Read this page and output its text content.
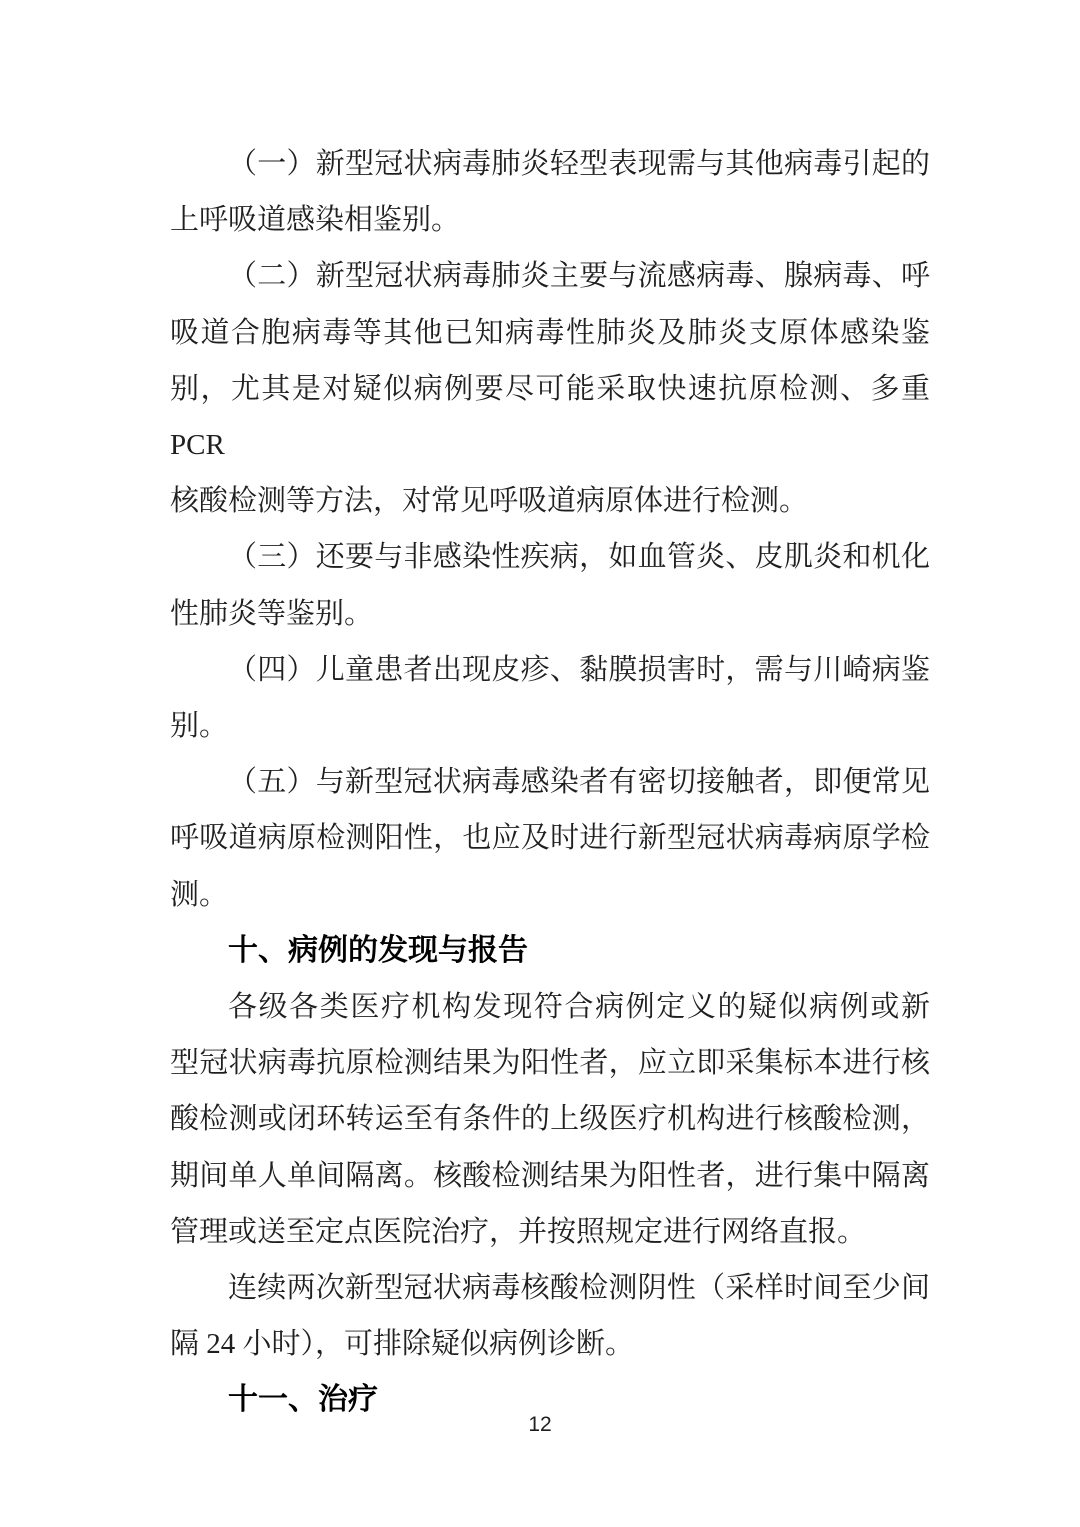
（一）新型冠状病毒肺炎轻型表现需与其他病毒引起的
上呼吸道感染相鉴别。
（二）新型冠状病毒肺炎主要与流感病毒、腺病毒、呼
吸道合胞病毒等其他已知病毒性肺炎及肺炎支原体感染鉴
别，尤其是对疑似病例要尽可能采取快速抗原检测、多重 PCR
核酸检测等方法，对常见呼吸道病原体进行检测。
（三）还要与非感染性疾病，如血管炎、皮肌炎和机化
性肺炎等鉴别。
（四）儿童患者出现皮疹、黏膜损害时，需与川崎病鉴
别。
（五）与新型冠状病毒感染者有密切接触者，即便常见
呼吸道病原检测阳性，也应及时进行新型冠状病毒病原学检
测。
十、病例的发现与报告
各级各类医疗机构发现符合病例定义的疑似病例或新
型冠状病毒抗原检测结果为阳性者，应立即采集标本进行核
酸检测或闭环转运至有条件的上级医疗机构进行核酸检测，
期间单人单间隔离。核酸检测结果为阳性者，进行集中隔离
管理或送至定点医院治疗，并按照规定进行网络直报。
连续两次新型冠状病毒核酸检测阴性（采样时间至少间
隔 24 小时），可排除疑似病例诊断。
十一、治疗
12
